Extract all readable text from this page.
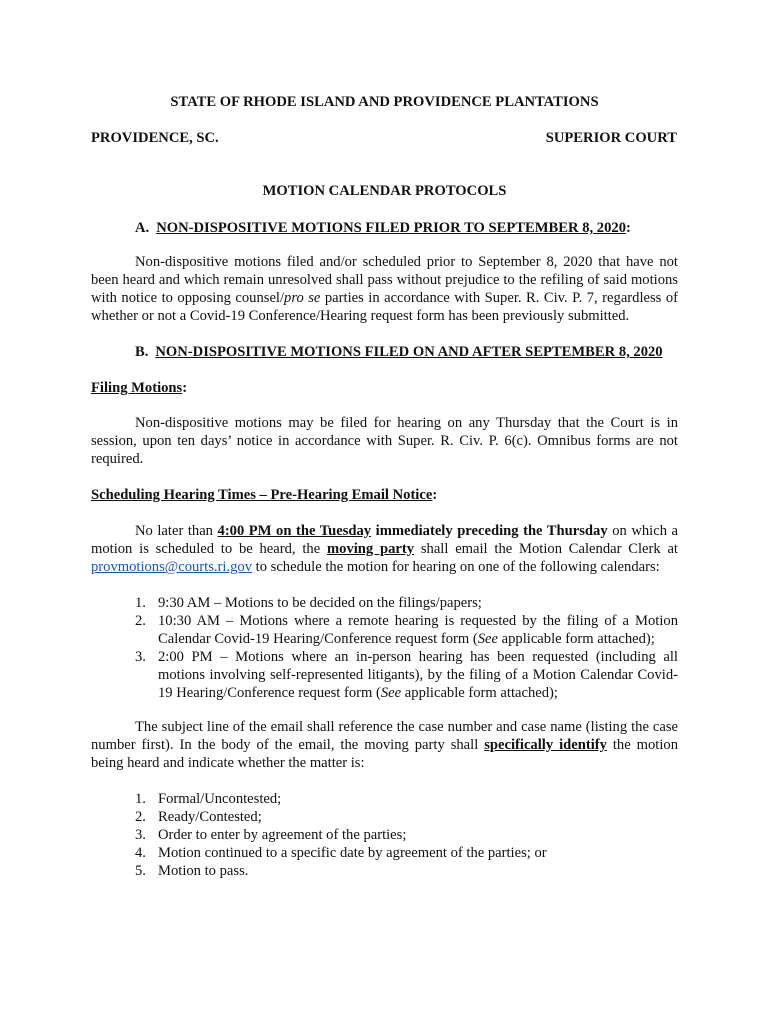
STATE OF RHODE ISLAND AND PROVIDENCE PLANTATIONS

PROVIDENCE, SC.	SUPERIOR COURT

MOTION CALENDAR PROTOCOLS

A. NON-DISPOSITIVE MOTIONS FILED PRIOR TO SEPTEMBER 8, 2020:

Non-dispositive motions filed and/or scheduled prior to September 8, 2020 that have not been heard and which remain unresolved shall pass without prejudice to the refiling of said motions with notice to opposing counsel/pro se parties in accordance with Super. R. Civ. P. 7, regardless of whether or not a Covid-19 Conference/Hearing request form has been previously submitted.

B. NON-DISPOSITIVE MOTIONS FILED ON AND AFTER SEPTEMBER 8, 2020

Filing Motions:

Non-dispositive motions may be filed for hearing on any Thursday that the Court is in session, upon ten days’ notice in accordance with Super. R. Civ. P. 6(c). Omnibus forms are not required.

Scheduling Hearing Times – Pre-Hearing Email Notice:

No later than 4:00 PM on the Tuesday immediately preceding the Thursday on which a motion is scheduled to be heard, the moving party shall email the Motion Calendar Clerk at provmotions@courts.ri.gov to schedule the motion for hearing on one of the following calendars:

1. 9:30 AM – Motions to be decided on the filings/papers;
2. 10:30 AM – Motions where a remote hearing is requested by the filing of a Motion Calendar Covid-19 Hearing/Conference request form (See applicable form attached);
3. 2:00 PM – Motions where an in-person hearing has been requested (including all motions involving self-represented litigants), by the filing of a Motion Calendar Covid-19 Hearing/Conference request form (See applicable form attached);

The subject line of the email shall reference the case number and case name (listing the case number first). In the body of the email, the moving party shall specifically identify the motion being heard and indicate whether the matter is:

1. Formal/Uncontested;
2. Ready/Contested;
3. Order to enter by agreement of the parties;
4. Motion continued to a specific date by agreement of the parties; or
5. Motion to pass.
